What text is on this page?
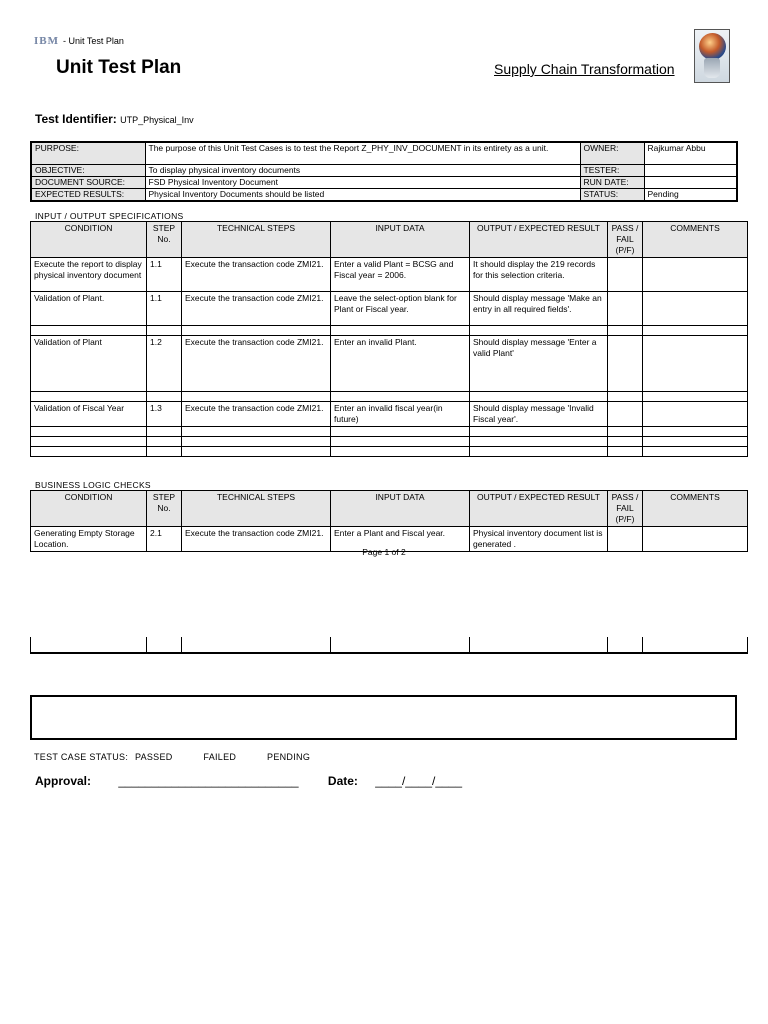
IBM - Unit Test Plan
Unit Test Plan	Supply Chain Transformation
Test Identifier: UTP_Physical_Inv
PURPOSE:	The purpose of this Unit Test Cases is to test the Report Z_PHY_INV_DOCUMENT in its entirety as a unit.	OWNER:	Rajkumar Abbu
OBJECTIVE:	To display physical inventory documents	TESTER:	
DOCUMENT SOURCE:	FSD Physical Inventory Document	RUN DATE:	
EXPECTED RESULTS:	Physical Inventory Documents should be listed	STATUS:	Pending
INPUT / OUTPUT SPECIFICATIONS
CONDITION	STEP No.	TECHNICAL STEPS	INPUT DATA	OUTPUT / EXPECTED RESULT	PASS / FAIL (P/F)	COMMENTS
Execute the report to display physical inventory document	1.1	Execute the transaction code ZMI21.	Enter a valid Plant = BCSG and Fiscal year = 2006.	It should display the 219 records for this selection criteria.		
Validation of Plant.	1.1	Execute the transaction code ZMI21.	Leave the select-option blank for Plant or Fiscal year.	Should display message 'Make an entry in all required fields'.		

Validation of Plant	1.2	Execute the transaction code ZMI21.	Enter an invalid Plant.	Should display message 'Enter a valid Plant'		

Validation of Fiscal Year	1.3	Execute the transaction code ZMI21.	Enter an invalid fiscal year(in future)	Should display message 'Invalid Fiscal year'.		

BUSINESS LOGIC CHECKS
CONDITION	STEP No.	TECHNICAL STEPS	INPUT DATA	OUTPUT / EXPECTED RESULT	PASS / FAIL (P/F)	COMMENTS
Generating Empty Storage Location.	2.1	Execute the transaction code ZMI21.	Enter a Plant and Fiscal year.	Physical inventory document list is generated .		
Page 1 of 2
TEST CASE STATUS: PASSED	FAILED	PENDING
Approval: ___________________________ Date: ____/____/____
